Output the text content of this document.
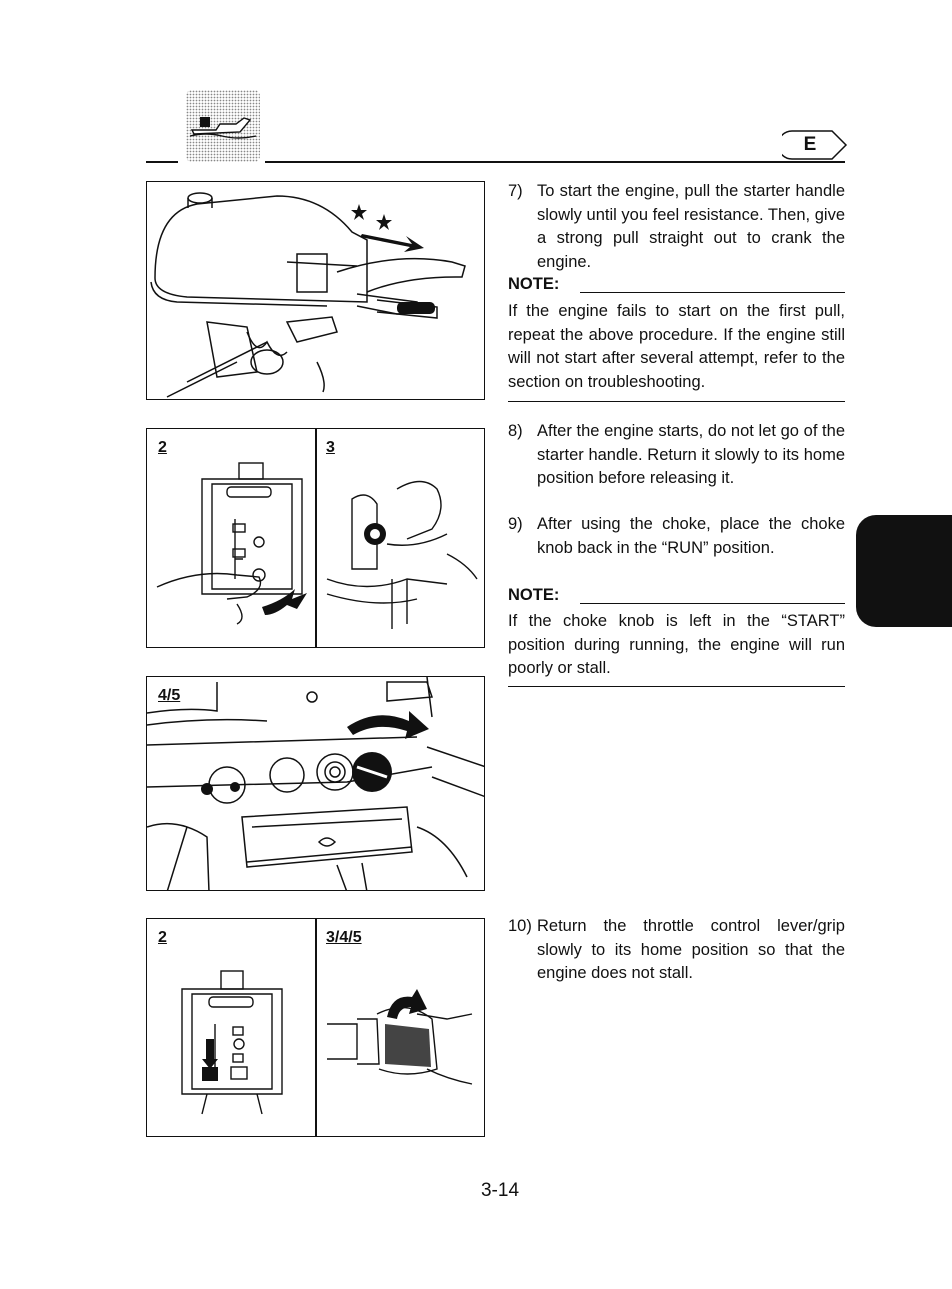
E
2	3
4/5
2	3/4/5
7) To start the engine, pull the starter handle slowly until you feel resistance. Then, give a strong pull straight out to crank the engine.
NOTE:
If the engine fails to start on the first pull, repeat the above procedure. If the engine still will not start after several attempt, refer to the section on troubleshooting.
8) After the engine starts, do not let go of the starter handle. Return it slowly to its home position before releasing it.
9) After using the choke, place the choke knob back in the “RUN” position.
NOTE:
If the choke knob is left in the “START” position during running, the engine will run poorly or stall.
10) Return the throttle control lever/grip slowly to its home position so that the engine does not stall.
3-14
